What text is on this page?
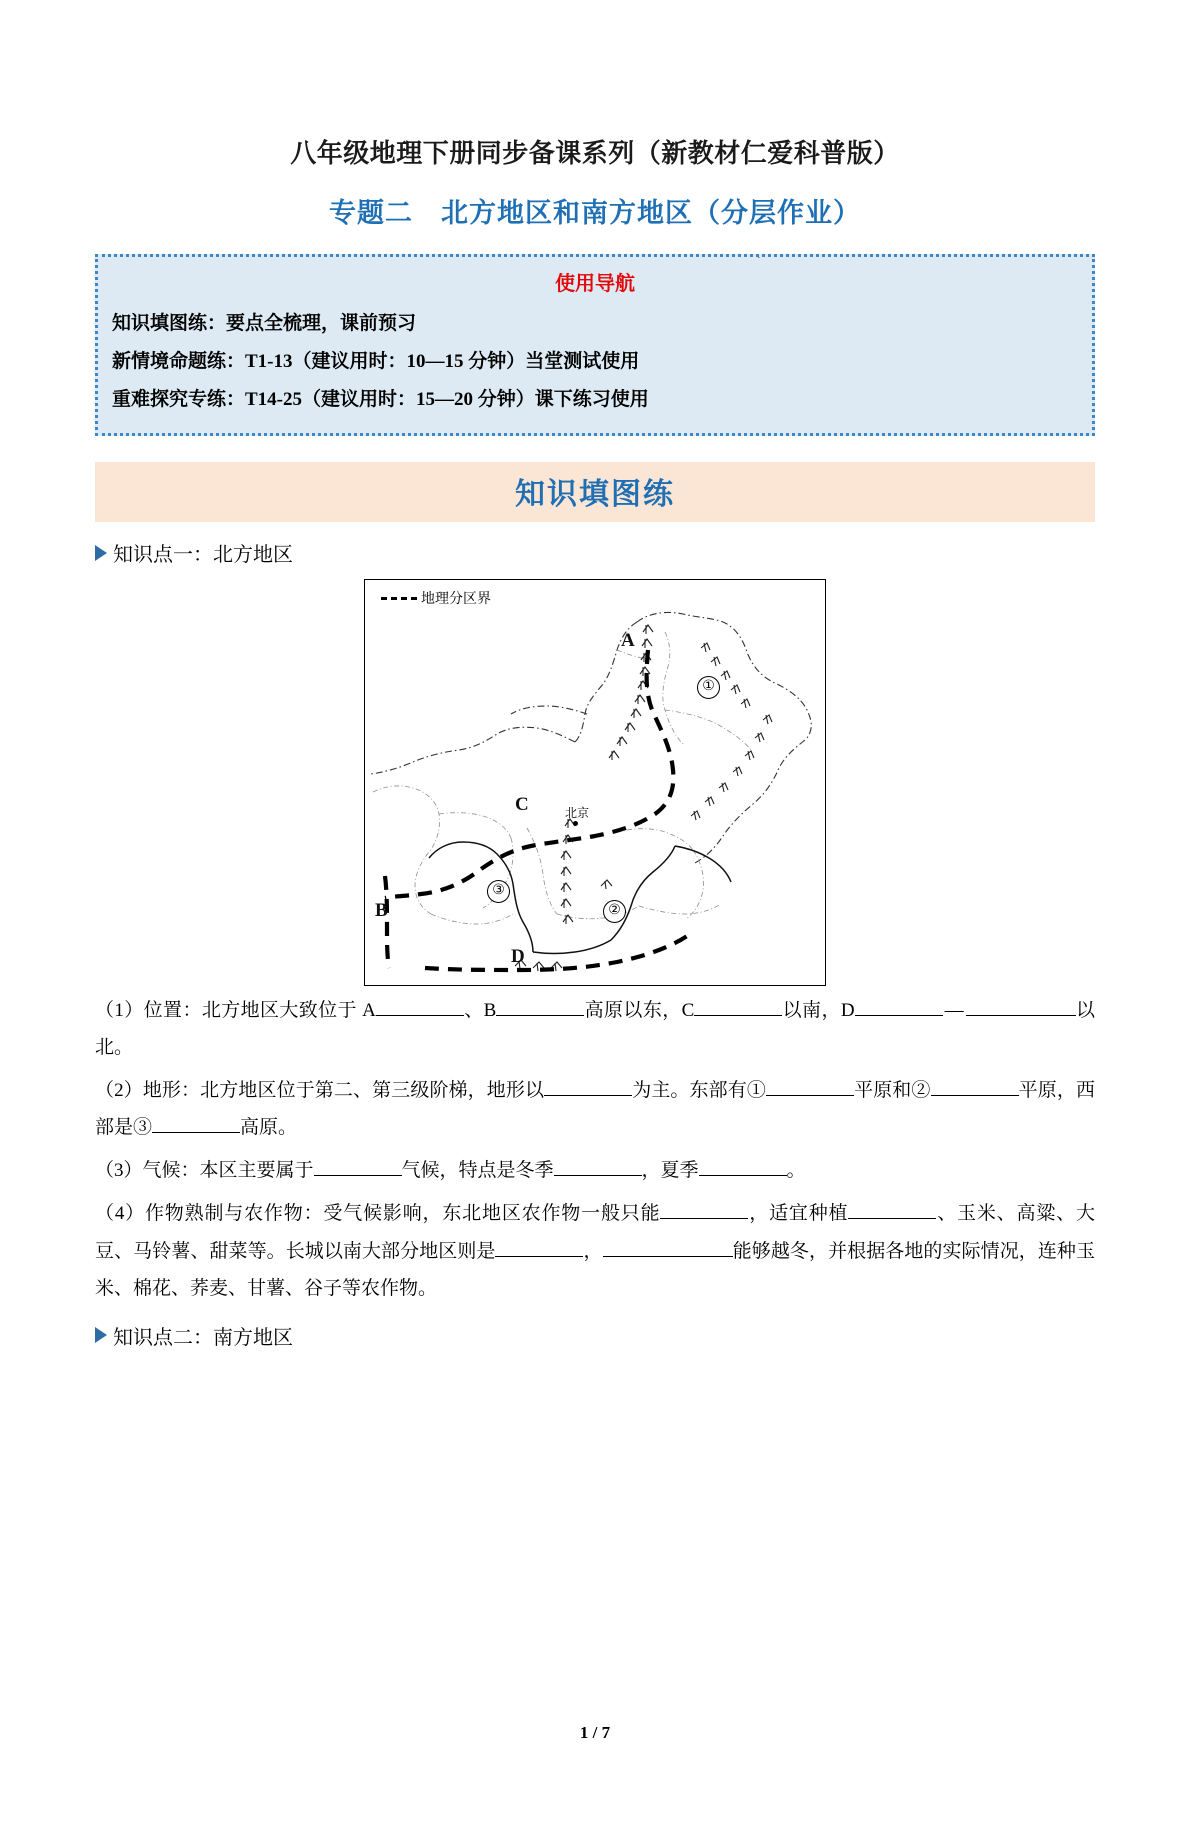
·
八年级地理下册同步备课系列（新教材仁爱科普版）
专题二　北方地区和南方地区（分层作业）
使用导航
知识填图练：要点全梳理，课前预习
新情境命题练：T1-13（建议用时：10—15 分钟）当堂测试使用
重难探究专练：T14-25（建议用时：15—20 分钟）课下练习使用
知识填图练
知识点一：北方地区
地理分区界
A
B
C
D
①
②
③
北京
（1）位置：北方地区大致位于 A	、B	高原以东，C	以南，D	—	以北。
（2）地形：北方地区位于第二、第三级阶梯，地形以	为主。东部有①	平原和②	平原，西部是③	高原。
（3）气候：本区主要属于	气候，特点是冬季	，夏季	。
（4）作物熟制与农作物：受气候影响，东北地区农作物一般只能	，适宜种植	、玉米、高粱、大豆、马铃薯、甜菜等。长城以南大部分地区则是	，	能够越冬，并根据各地的实际情况，连种玉米、棉花、荞麦、甘薯、谷子等农作物。
知识点二：南方地区
1 / 7
